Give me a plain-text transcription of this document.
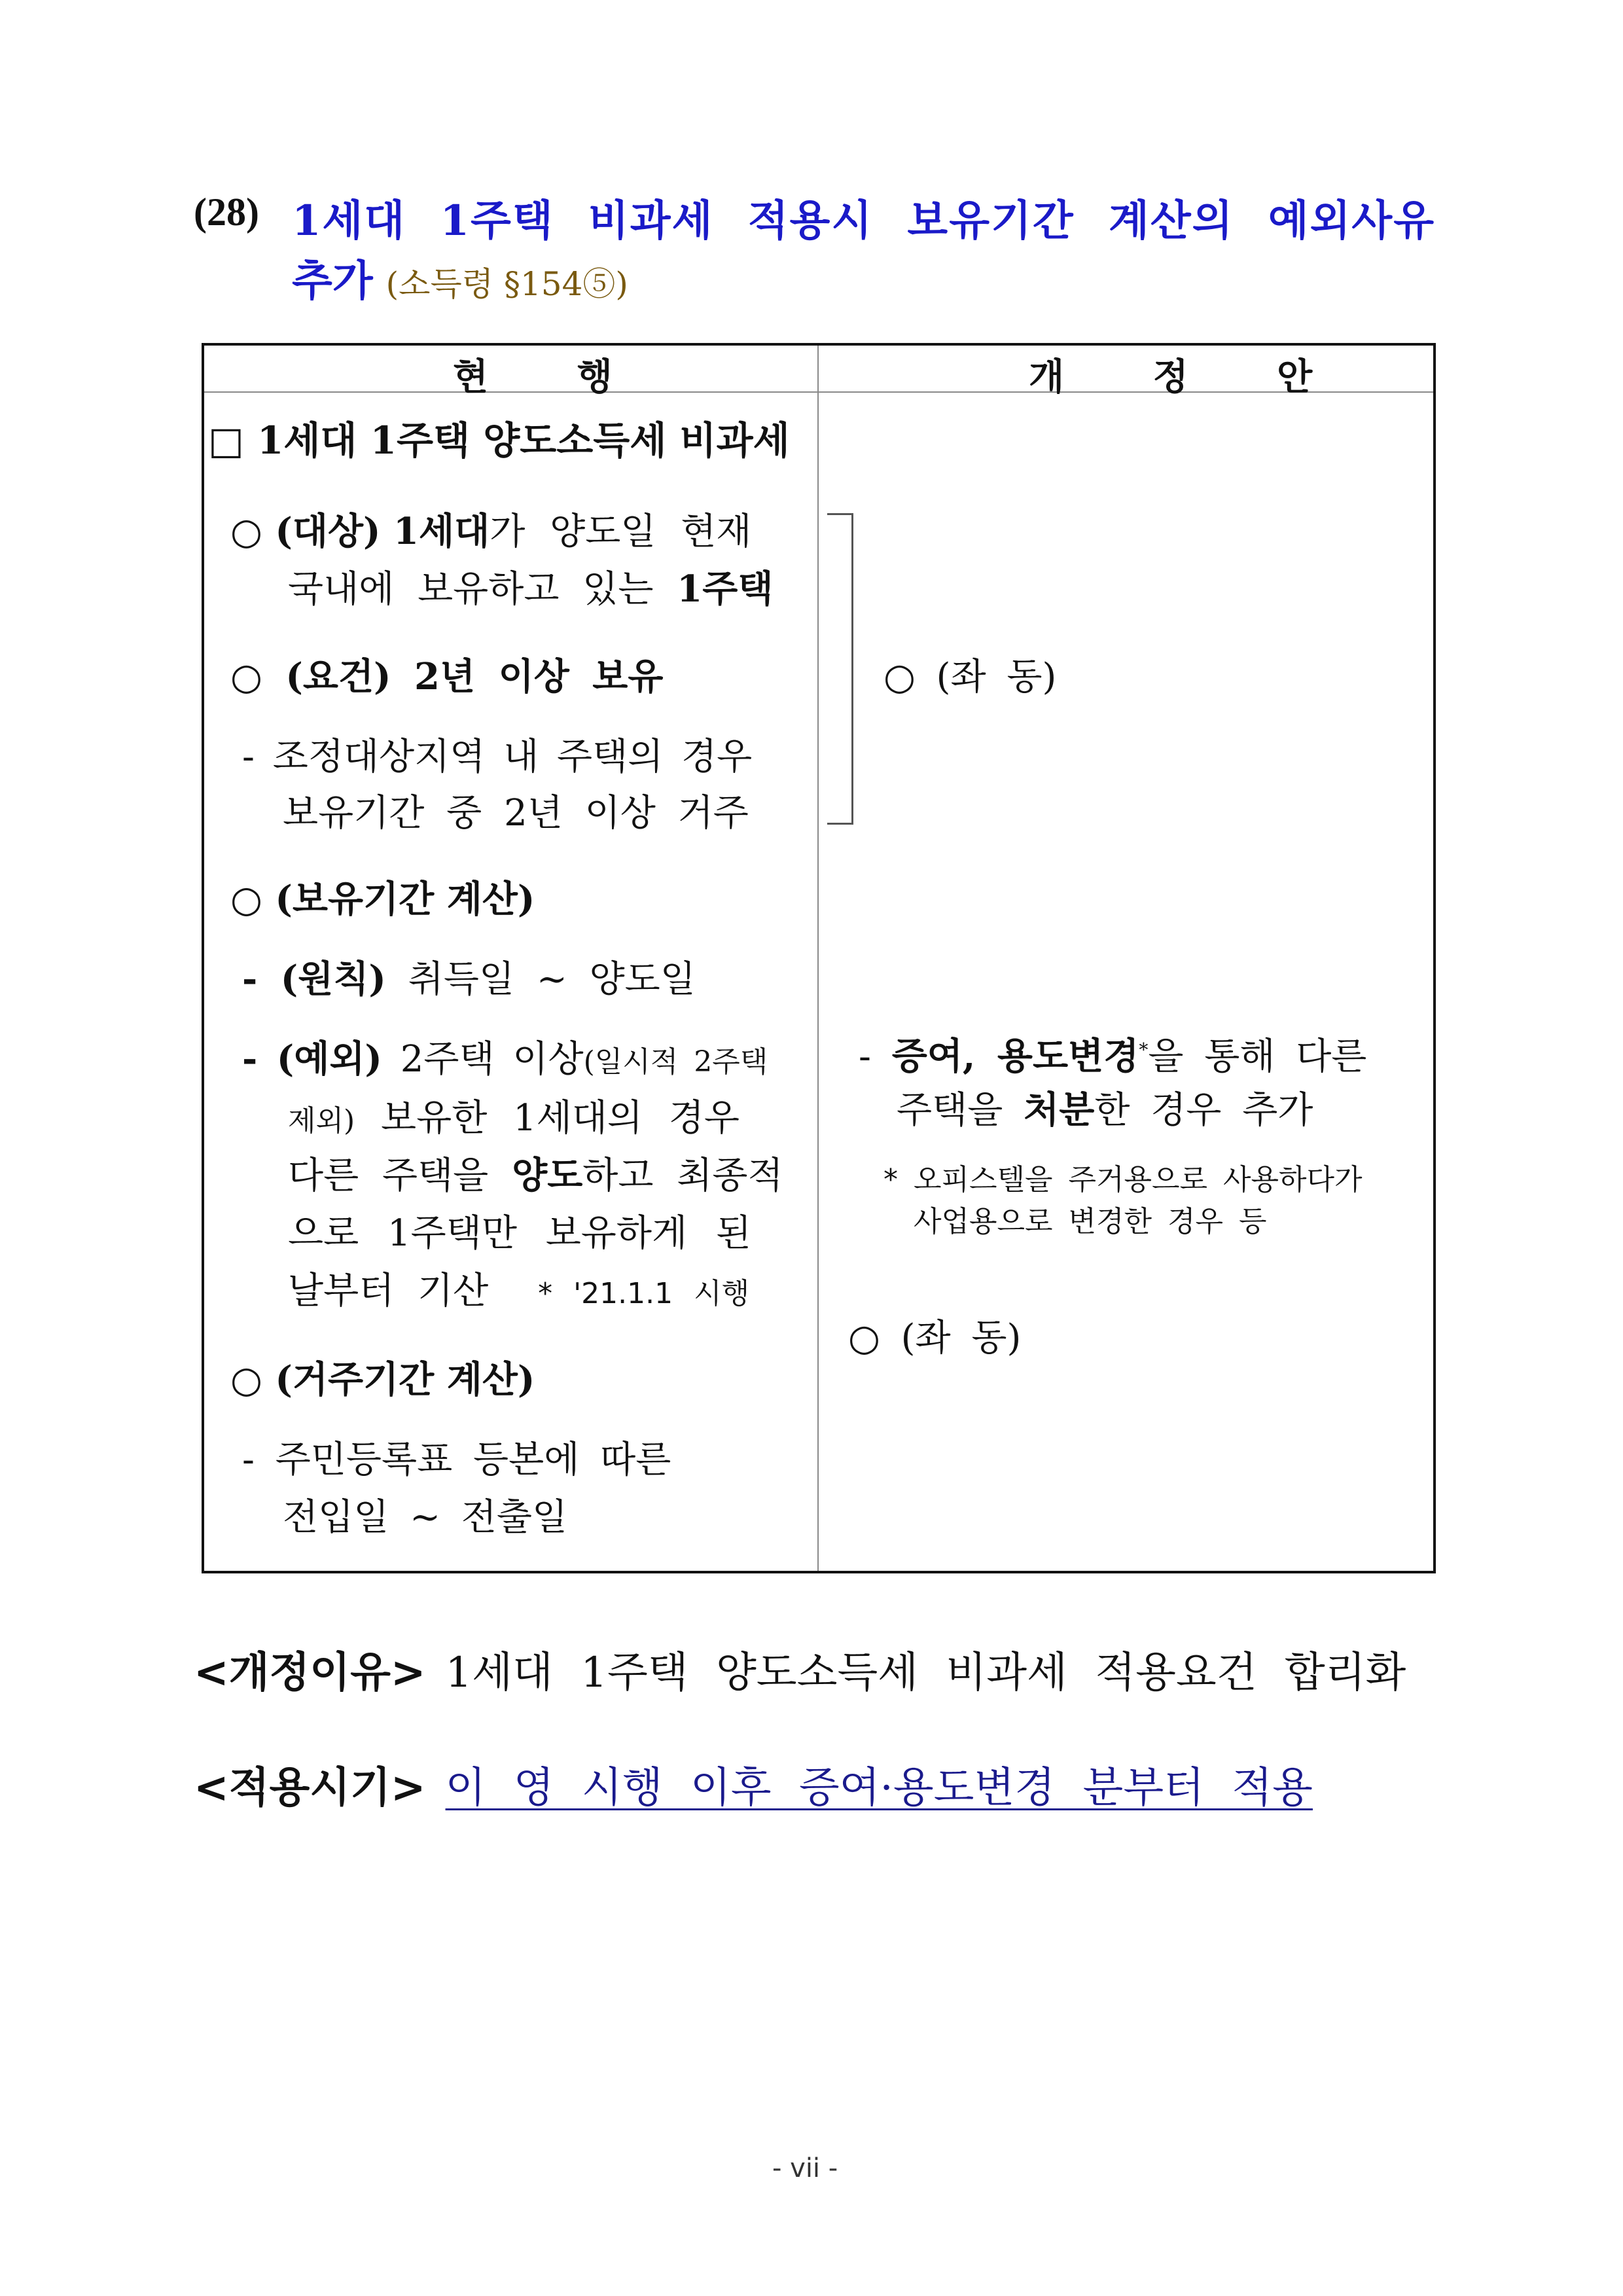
(28) 1세대 1주택 비과세 적용시 보유기간 계산의 예외사유
추가 (소득령 §154⑤)
현 행	개 정 안
□ 1세대 1주택 양도소득세 비과세
○ (대상) 1세대가 양도일 현재
국내에 보유하고 있는 1주택
○ (요건) 2년 이상 보유
- 조정대상지역 내 주택의 경우
보유기간 중 2년 이상 거주
○ (보유기간 계산)
- (원칙) 취득일 ~ 양도일
- (예외) 2주택 이상(일시적 2주택
제외) 보유한 1세대의 경우
다른 주택을 양도하고 최종적
으로 1주택만 보유하게 된
날부터 기산 * '21.1.1 시행
○ (거주기간 계산)
- 주민등록표 등본에 따른
전입일 ~ 전출일
○ (좌 동)
- 증여, 용도변경*을 통해 다른
주택을 처분한 경우 추가
* 오피스텔을 주거용으로 사용하다가
사업용으로 변경한 경우 등
○ (좌 동)
<개정이유> 1세대 1주택 양도소득세 비과세 적용요건 합리화
<적용시기> 이 영 시행 이후 증여·용도변경 분부터 적용
- vii -
